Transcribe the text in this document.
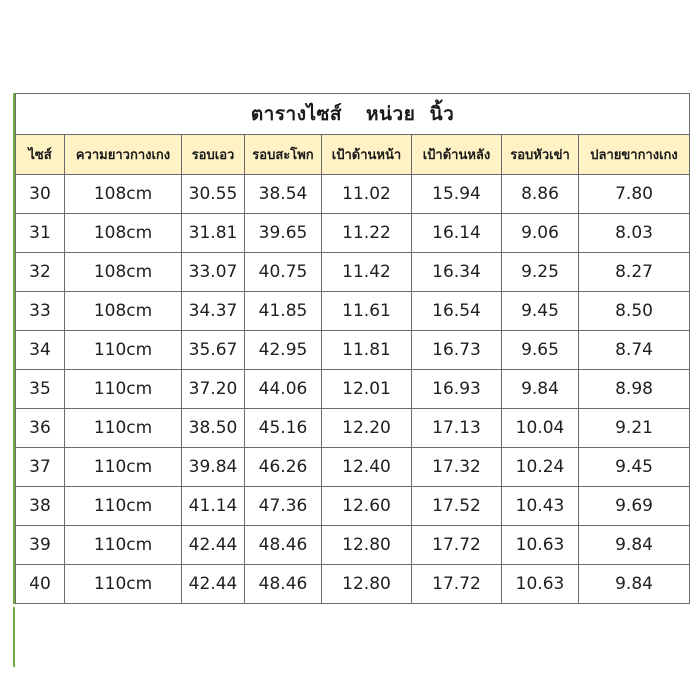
ตารางไซส์ หน่วย  นิ้ว							
ไซส์	ความยาวกางเกง	รอบเอว	รอบสะโพก	เป้าด้านหน้า	เป้าด้านหลัง	รอบหัวเข่า	ปลายขากางเกง
30	108cm	30.55	38.54	11.02	15.94	8.86	7.80
31	108cm	31.81	39.65	11.22	16.14	9.06	8.03
32	108cm	33.07	40.75	11.42	16.34	9.25	8.27
33	108cm	34.37	41.85	11.61	16.54	9.45	8.50
34	110cm	35.67	42.95	11.81	16.73	9.65	8.74
35	110cm	37.20	44.06	12.01	16.93	9.84	8.98
36	110cm	38.50	45.16	12.20	17.13	10.04	9.21
37	110cm	39.84	46.26	12.40	17.32	10.24	9.45
38	110cm	41.14	47.36	12.60	17.52	10.43	9.69
39	110cm	42.44	48.46	12.80	17.72	10.63	9.84
40	110cm	42.44	48.46	12.80	17.72	10.63	9.84
